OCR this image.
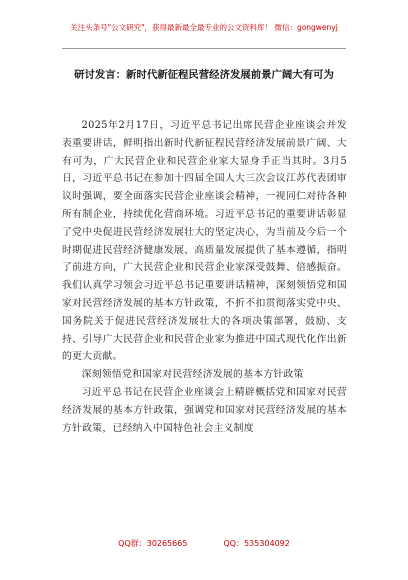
关注头条号"公文研究"，获得最新最全最专业的公文资料库！ 微信：gongwenyj
研讨发言：新时代新征程民营经济发展前景广阔大有可为

2025年2月17日，习近平总书记出席民营企业座谈会并发表重要讲话，鲜明指出新时代新征程民营经济发展前景广阔、大有可为，广大民营企业和民营企业家大显身手正当其时。3月5日，习近平总书记在参加十四届全国人大三次会议江苏代表团审议时强调，要全面落实民营企业座谈会精神，一视同仁对待各种所有制企业，持续优化营商环境。习近平总书记的重要讲话彰显了党中央促进民营经济发展壮大的坚定决心，为当前及今后一个时期促进民营经济健康发展、高质量发展提供了基本遵循，指明了前进方向，广大民营企业和民营企业家深受鼓舞、倍感振奋。我们认真学习领会习近平总书记重要讲话精神，深刻领悟党和国家对民营经济发展的基本方针政策，不折不扣贯彻落实党中央、国务院关于促进民营经济发展壮大的各项决策部署，鼓励、支持、引导广大民营企业和民营企业家为推进中国式现代化作出新的更大贡献。

深刻领悟党和国家对民营经济发展的基本方针政策

习近平总书记在民营企业座谈会上精辟概括党和国家对民营经济发展的基本方针政策，强调党和国家对民营经济发展的基本方针政策，已经纳入中国特色社会主义制度

QQ群：30265665	QQ：535304092
